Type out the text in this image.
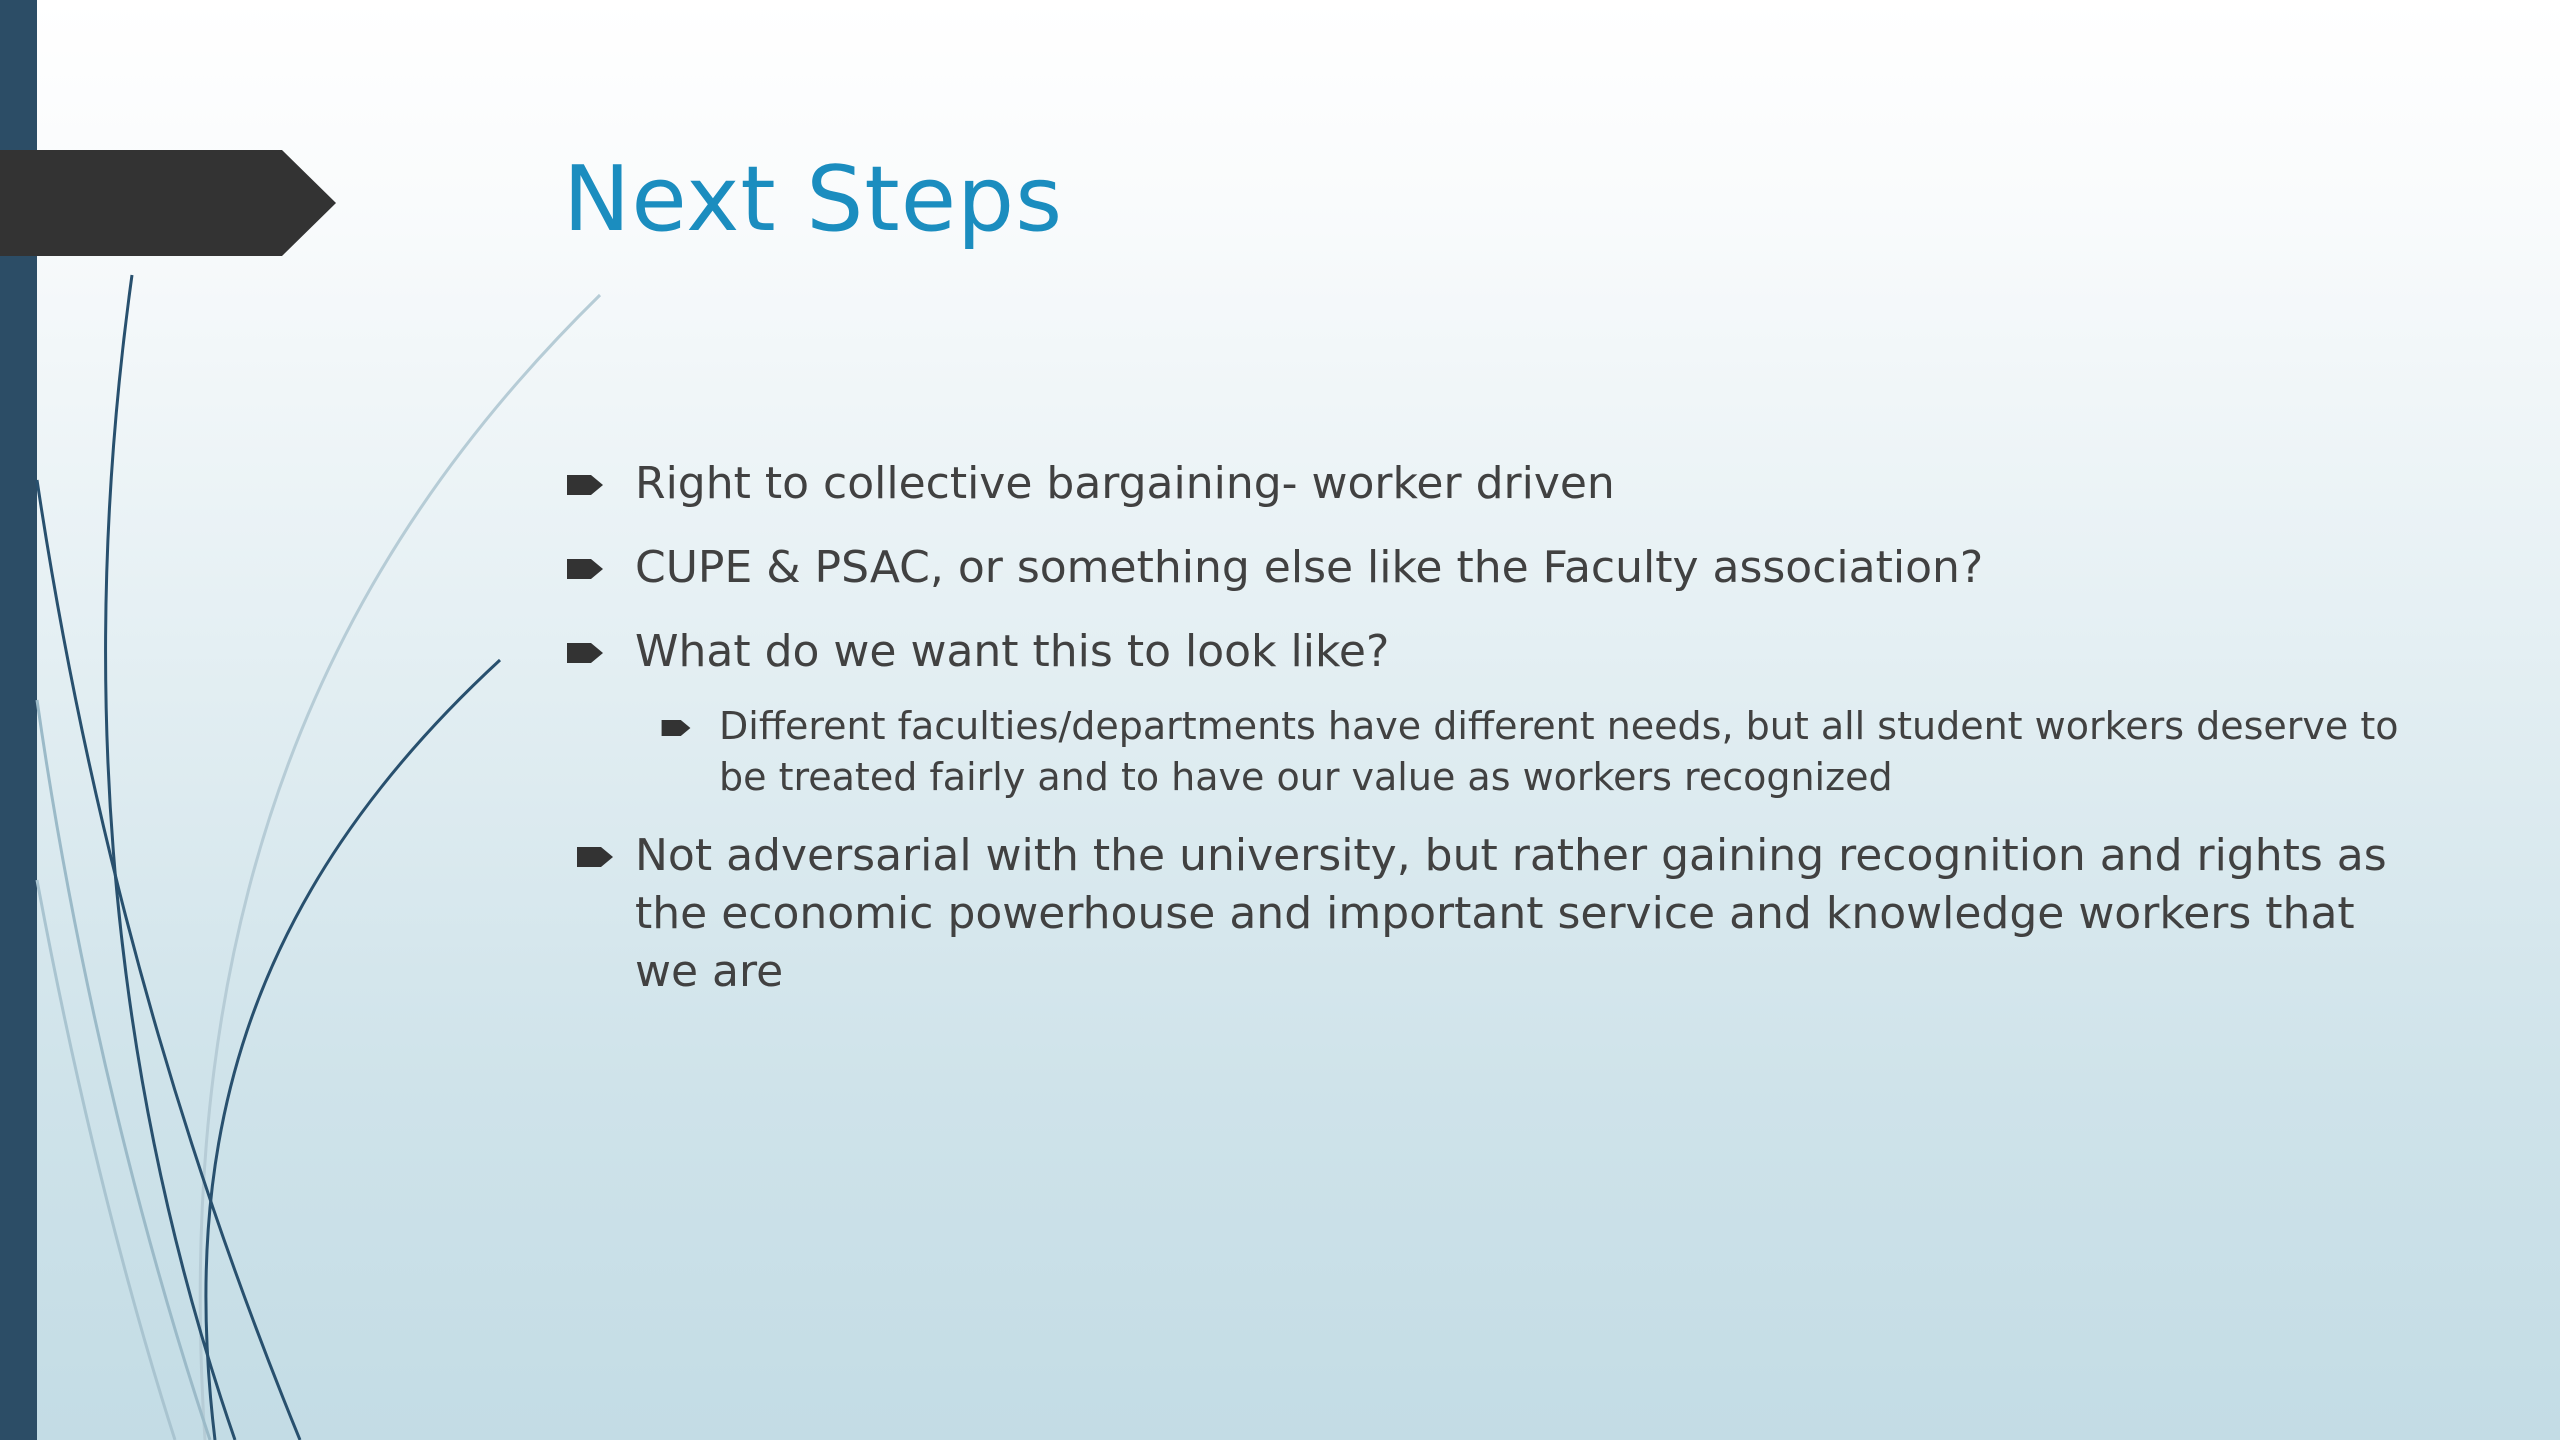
Next Steps
Right to collective bargaining- worker driven
CUPE & PSAC, or something else like the Faculty association?
What do we want this to look like?
Different faculties/departments have different needs, but all student workers deserve to be treated fairly and to have our value as workers recognized
Not adversarial with the university, but rather gaining recognition and rights as the economic powerhouse and important service and knowledge workers that we are
